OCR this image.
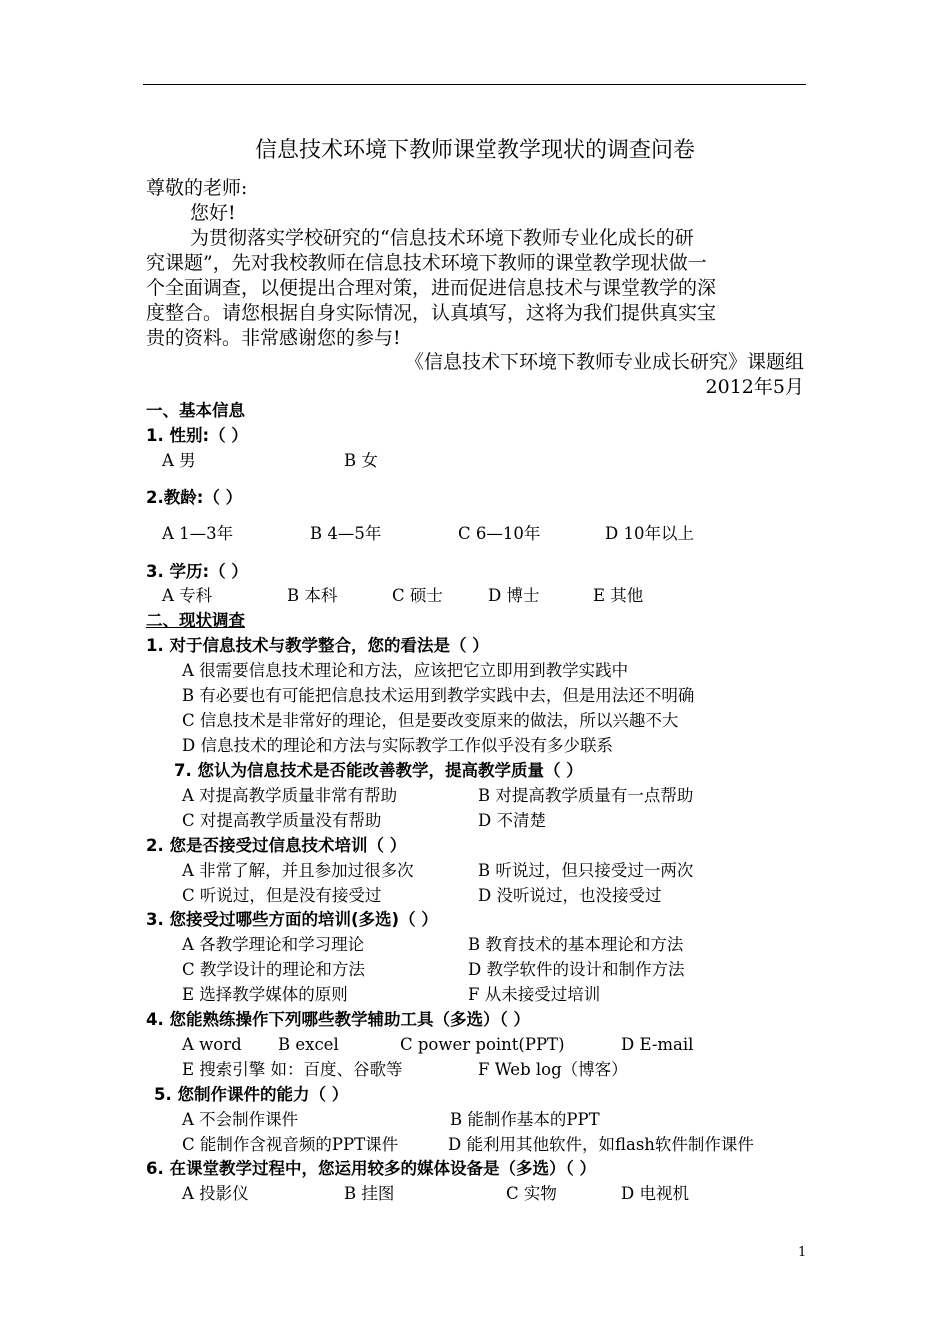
信息技术环境下教师课堂教学现状的调查问卷
尊敬的老师:
您好!
为贯彻落实学校研究的“信息技术环境下教师专业化成长的研
究课题”，先对我校教师在信息技术环境下教师的课堂教学现状做一
个全面调查，以便提出合理对策，进而促进信息技术与课堂教学的深
度整合。请您根据自身实际情况，认真填写，这将为我们提供真实宝
贵的资料。非常感谢您的参与!
《信息技术下环境下教师专业成长研究》课题组
2012年5月
一、基本信息
1. 性别:（ ）
A 男	B 女
2.教龄:（ ）
A 1—3年	B 4—5年	C 6—10年	D 10年以上
3. 学历:（ ）
A 专科	B 本科	C 硕士	D 博士	E 其他
二、现状调查
1. 对于信息技术与教学整合，您的看法是（ ）
A 很需要信息技术理论和方法，应该把它立即用到教学实践中
B 有必要也有可能把信息技术运用到教学实践中去，但是用法还不明确
C 信息技术是非常好的理论，但是要改变原来的做法，所以兴趣不大
D 信息技术的理论和方法与实际教学工作似乎没有多少联系
7. 您认为信息技术是否能改善教学，提高教学质量（ ）
A 对提高教学质量非常有帮助	B 对提高教学质量有一点帮助
C 对提高教学质量没有帮助	D 不清楚
2. 您是否接受过信息技术培训（ ）
A 非常了解，并且参加过很多次	B 听说过，但只接受过一两次
C 听说过，但是没有接受过	D 没听说过，也没接受过
3. 您接受过哪些方面的培训(多选)（ ）
A 各教学理论和学习理论	B 教育技术的基本理论和方法
C 教学设计的理论和方法	D 教学软件的设计和制作方法
E 选择教学媒体的原则	F 从未接受过培训
4. 您能熟练操作下列哪些教学辅助工具（多选）（ ）
A word B excel	C power point(PPT)	D E-mail
E 搜索引擎 如：百度、谷歌等	F Web log（博客）
5. 您制作课件的能力（ ）
A 不会制作课件	B 能制作基本的PPT
C 能制作含视音频的PPT课件	D 能利用其他软件，如flash软件制作课件
6. 在课堂教学过程中，您运用较多的媒体设备是（多选）（ ）
A 投影仪	B 挂图	C 实物	D 电视机
1
